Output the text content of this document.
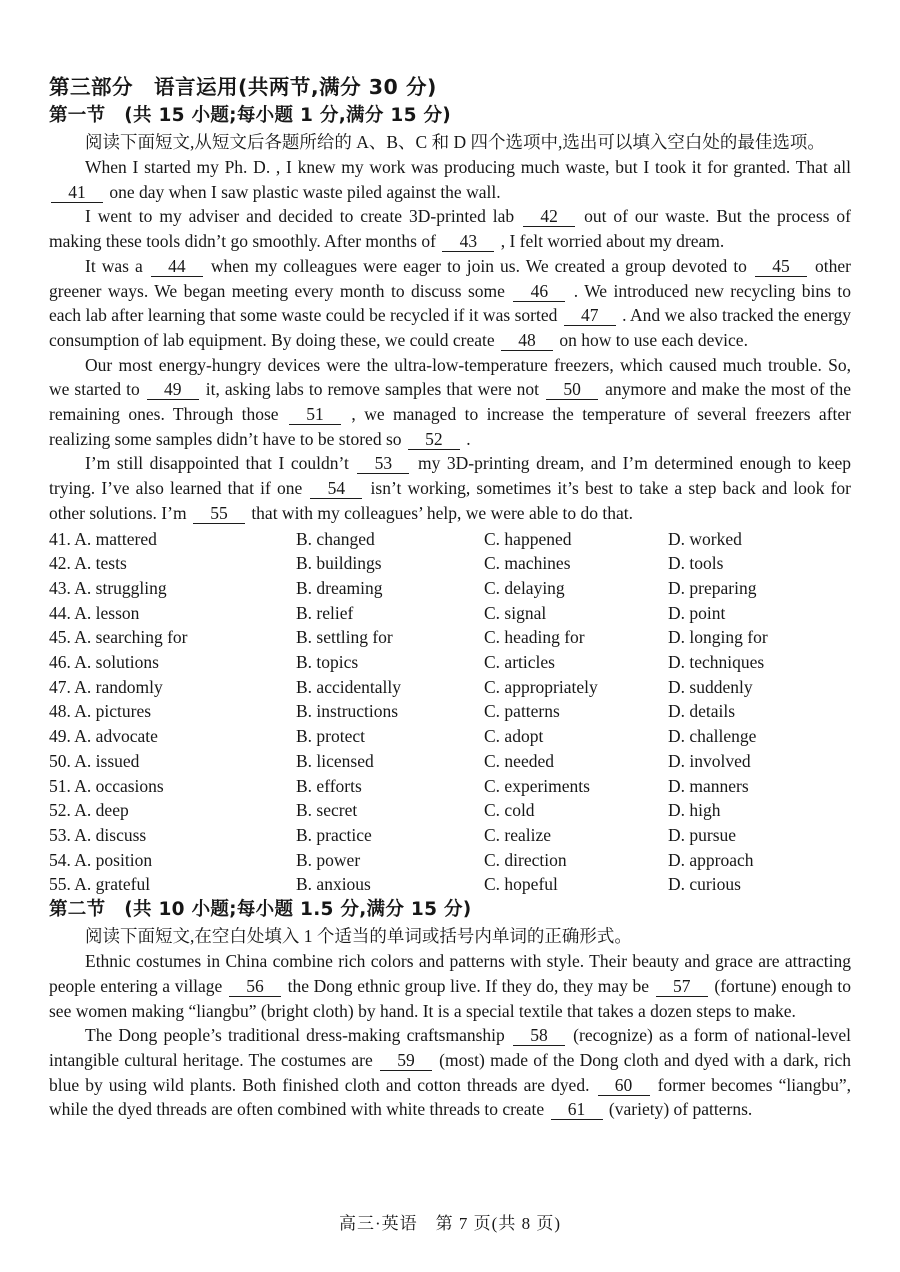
第三部分　语言运用(共两节,满分 30 分)
第一节　(共 15 小题;每小题 1 分,满分 15 分)

阅读下面短文,从短文后各题所给的 A、B、C 和 D 四个选项中,选出可以填入空白处的最佳选项。

When I started my Ph. D. , I knew my work was producing much waste, but I took it for granted. That all 41 one day when I saw plastic waste piled against the wall.

I went to my adviser and decided to create 3D-printed lab 42 out of our waste. But the process of making these tools didn’t go smoothly. After months of 43 , I felt worried about my dream.

It was a 44 when my colleagues were eager to join us. We created a group devoted to 45 other greener ways. We began meeting every month to discuss some 46 . We introduced new recycling bins to each lab after learning that some waste could be recycled if it was sorted 47 . And we also tracked the energy consumption of lab equipment. By doing these, we could create 48 on how to use each device.

Our most energy-hungry devices were the ultra-low-temperature freezers, which caused much trouble. So, we started to 49 it, asking labs to remove samples that were not 50 anymore and make the most of the remaining ones. Through those 51 , we managed to increase the temperature of several freezers after realizing some samples didn’t have to be stored so 52 .

I’m still disappointed that I couldn’t 53 my 3D-printing dream, and I’m determined enough to keep trying. I’ve also learned that if one 54 isn’t working, sometimes it’s best to take a step back and look for other solutions. I’m 55 that with my colleagues’ help, we were able to do that.

41. A. mattered	B. changed	C. happened	D. worked
42. A. tests	B. buildings	C. machines	D. tools
43. A. struggling	B. dreaming	C. delaying	D. preparing
44. A. lesson	B. relief	C. signal	D. point
45. A. searching for	B. settling for	C. heading for	D. longing for
46. A. solutions	B. topics	C. articles	D. techniques
47. A. randomly	B. accidentally	C. appropriately	D. suddenly
48. A. pictures	B. instructions	C. patterns	D. details
49. A. advocate	B. protect	C. adopt	D. challenge
50. A. issued	B. licensed	C. needed	D. involved
51. A. occasions	B. efforts	C. experiments	D. manners
52. A. deep	B. secret	C. cold	D. high
53. A. discuss	B. practice	C. realize	D. pursue
54. A. position	B. power	C. direction	D. approach
55. A. grateful	B. anxious	C. hopeful	D. curious
第二节　(共 10 小题;每小题 1.5 分,满分 15 分)

阅读下面短文,在空白处填入 1 个适当的单词或括号内单词的正确形式。

Ethnic costumes in China combine rich colors and patterns with style. Their beauty and grace are attracting people entering a village 56 the Dong ethnic group live. If they do, they may be 57 (fortune) enough to see women making “liangbu” (bright cloth) by hand. It is a special textile that takes a dozen steps to make.

The Dong people’s traditional dress-making craftsmanship 58 (recognize) as a form of national-level intangible cultural heritage. The costumes are 59 (most) made of the Dong cloth and dyed with a dark, rich blue by using wild plants. Both finished cloth and cotton threads are dyed. 60 former becomes “liangbu”, while the dyed threads are often combined with white threads to create 61 (variety) of patterns.

高三·英语　第 7 页(共 8 页)
